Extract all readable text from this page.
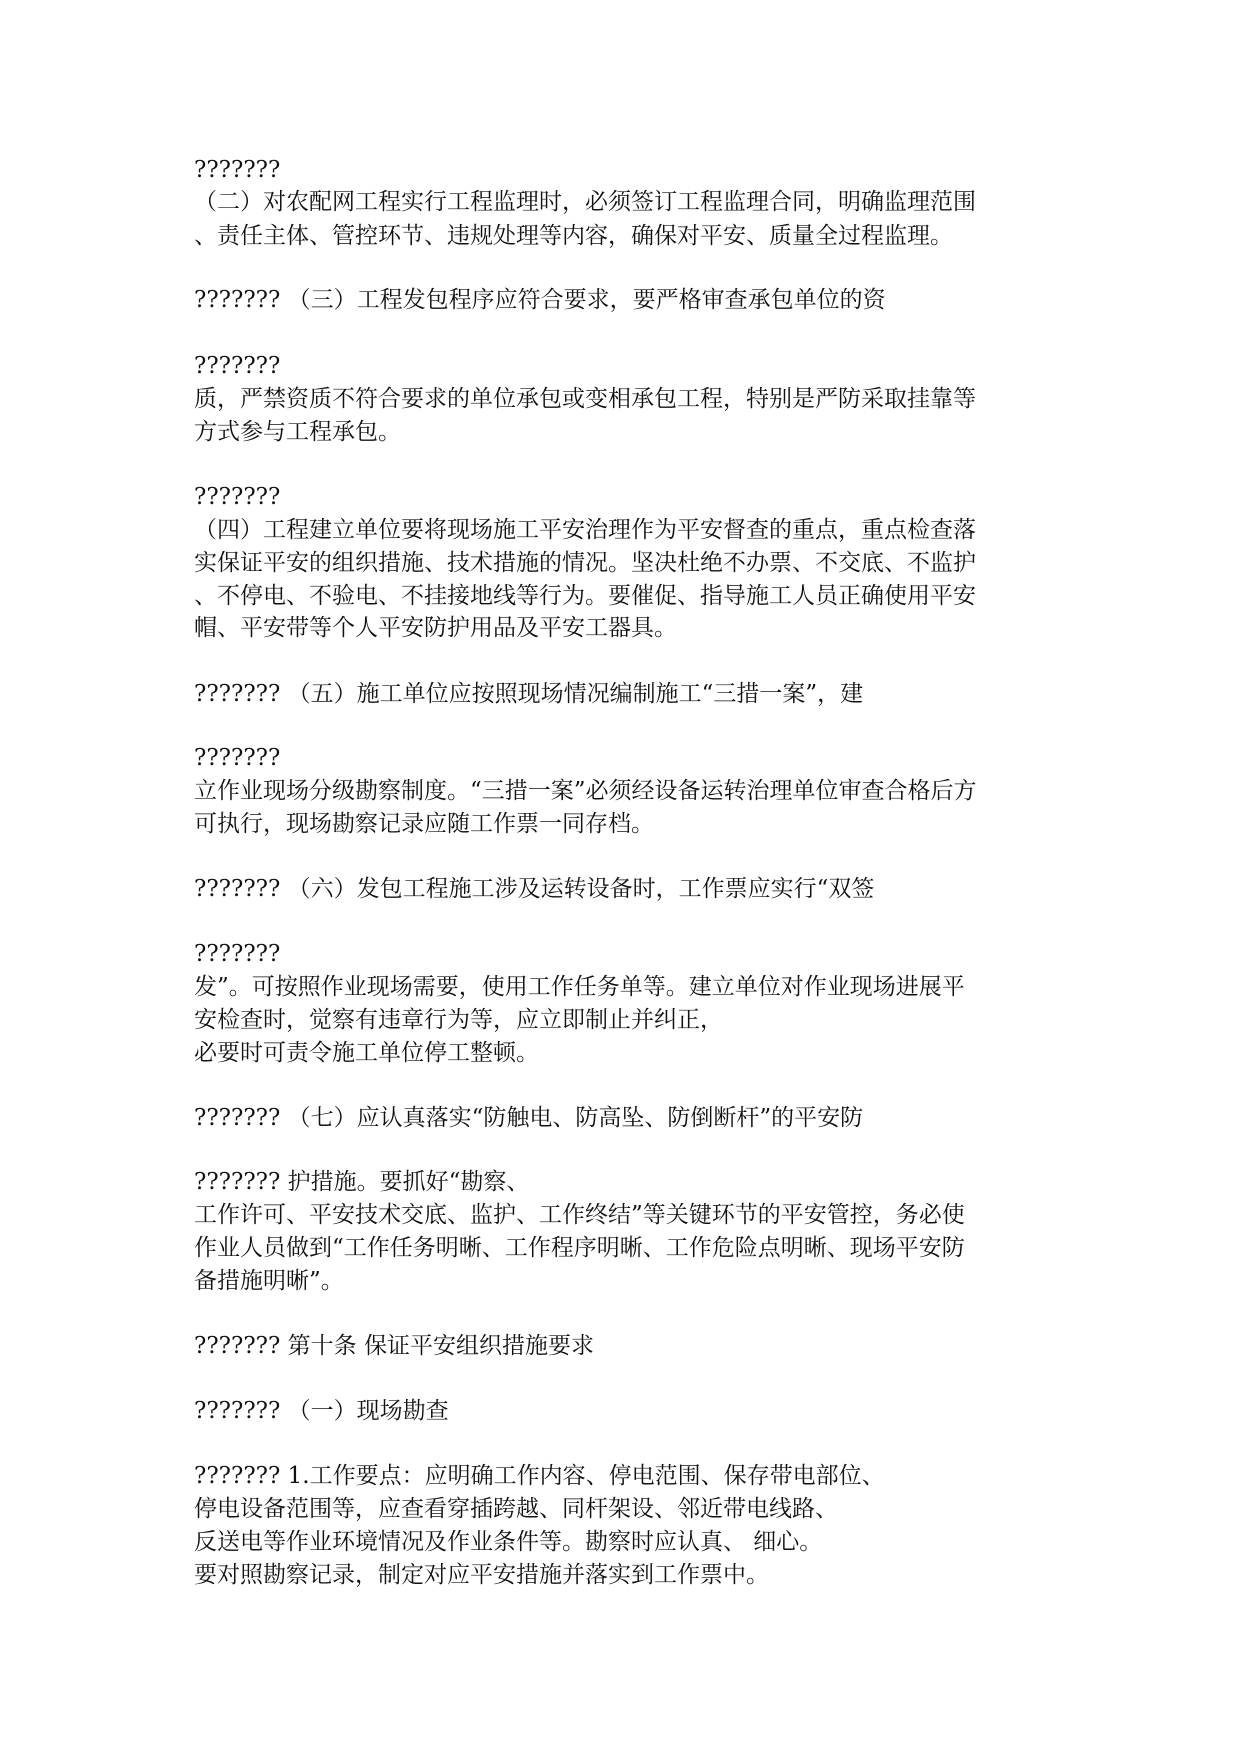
???????
（二）对农配网工程实行工程监理时，必须签订工程监理合同，明确监理范围
、责任主体、管控环节、违规处理等内容，确保对平安、质量全过程监理。
??????? （三）工程发包程序应符合要求，要严格审查承包单位的资
???????
质，严禁资质不符合要求的单位承包或变相承包工程，特别是严防采取挂靠等
方式参与工程承包。
???????
（四）工程建立单位要将现场施工平安治理作为平安督查的重点，重点检查落
实保证平安的组织措施、技术措施的情况。坚决杜绝不办票、不交底、不监护
、不停电、不验电、不挂接地线等行为。要催促、指导施工人员正确使用平安
帽、平安带等个人平安防护用品及平安工器具。
??????? （五）施工单位应按照现场情况编制施工“三措一案”，建
???????
立作业现场分级勘察制度。“三措一案”必须经设备运转治理单位审查合格后方
可执行，现场勘察记录应随工作票一同存档。
??????? （六）发包工程施工涉及运转设备时，工作票应实行“双签
???????
发”。可按照作业现场需要，使用工作任务单等。建立单位对作业现场进展平
安检查时，觉察有违章行为等，应立即制止并纠正，
必要时可责令施工单位停工整顿。
??????? （七）应认真落实“防触电、防高坠、防倒断杆”的平安防
??????? 护措施。要抓好“勘察、
工作许可、平安技术交底、监护、工作终结”等关键环节的平安管控，务必使
作业人员做到“工作任务明晰、工作程序明晰、工作危险点明晰、现场平安防
备措施明晰”。
??????? 第十条 保证平安组织措施要求
??????? （一）现场勘查
??????? 1.工作要点：应明确工作内容、停电范围、保存带电部位、
停电设备范围等，应查看穿插跨越、同杆架设、邻近带电线路、
反送电等作业环境情况及作业条件等。勘察时应认真、 细心。
要对照勘察记录，制定对应平安措施并落实到工作票中。
